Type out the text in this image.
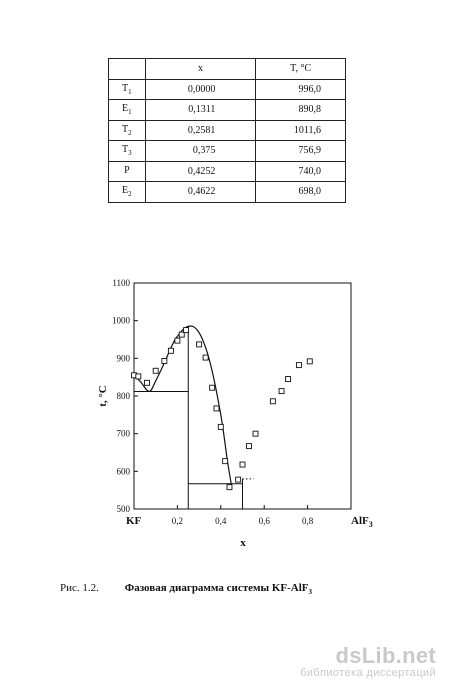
	x	T, °C
$T_1$	0,0000	996,0
$E_1$	0,1311	890,8
$T_2$	0,2581	1011,6
$T_3$	0,375	756,9
P	0,4252	740,0
$E_2$	0,4622	698,0
500
600
700
800
900
1000
1100
0,2	0,4	0,6	0,8
t, °C
x
KF	AlF$_3$
Рис. 1.2. Фазовая диаграмма системы KF-AlF$_3$
dsLib.net
библиотека диссертаций
